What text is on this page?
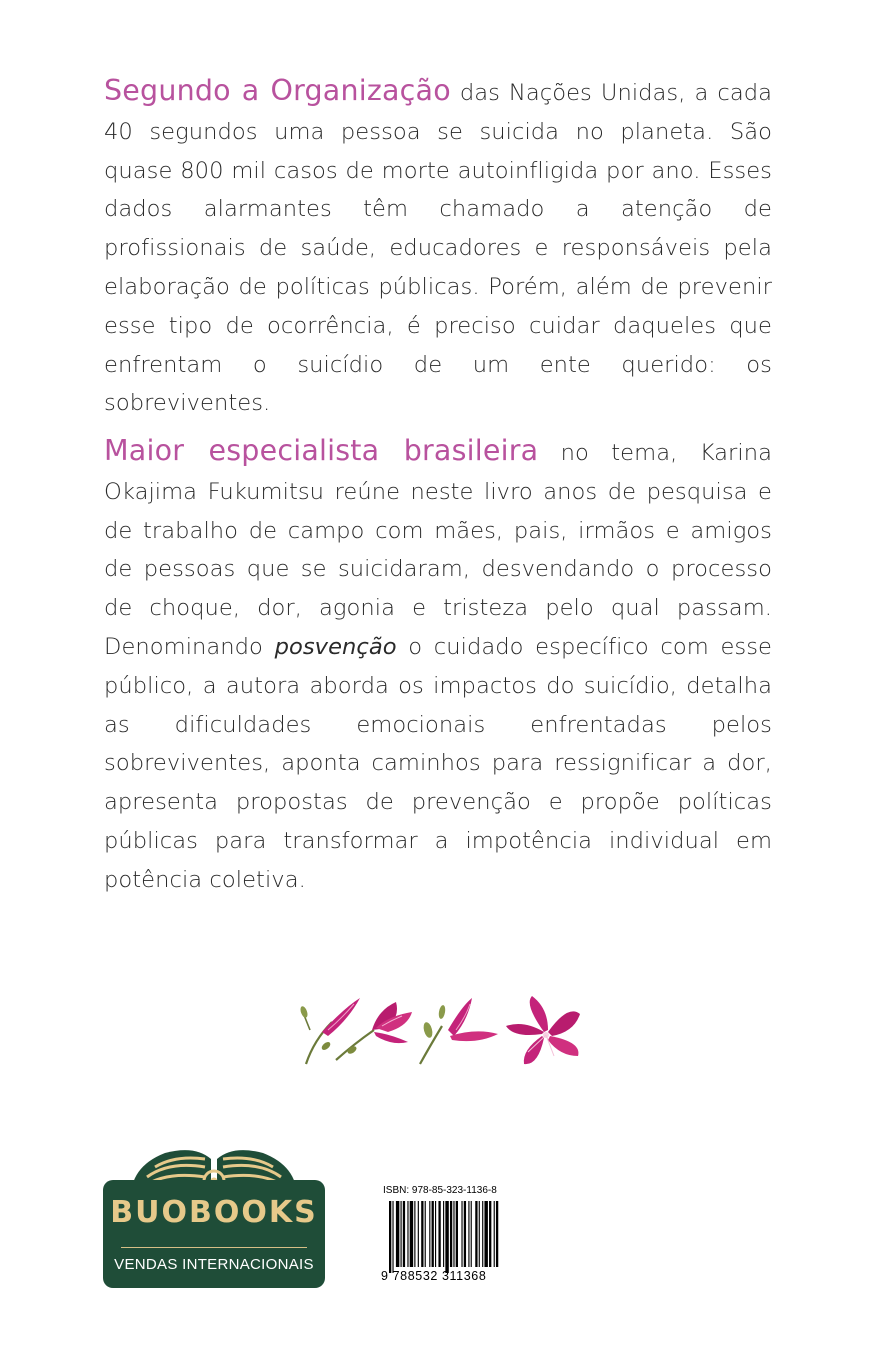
Segundo a Organização das Nações Unidas, a cada 40 segundos uma pessoa se suicida no planeta. São quase 800 mil casos de morte autoinfligida por ano. Esses dados alarmantes têm chamado a atenção de profissionais de saúde, educadores e responsáveis pela elaboração de políticas públicas. Porém, além de prevenir esse tipo de ocorrência, é preciso cuidar daqueles que enfrentam o suicídio de um ente querido: os sobreviventes.

Maior especialista brasileira no tema, Karina Okajima Fukumitsu reúne neste livro anos de pesquisa e de trabalho de campo com mães, pais, irmãos e amigos de pessoas que se suicidaram, desvendando o processo de choque, dor, agonia e tristeza pelo qual passam. Denominando posvenção o cuidado específico com esse público, a autora aborda os impactos do suicídio, detalha as dificuldades emocionais enfrentadas pelos sobreviventes, aponta caminhos para ressignificar a dor, apresenta propostas de prevenção e propõe políticas públicas para transformar a impotência individual em potência coletiva.

BUOBOOKS
VENDAS INTERNACIONAIS
ISBN: 978-85-323-1136-8
9 788532 311368
